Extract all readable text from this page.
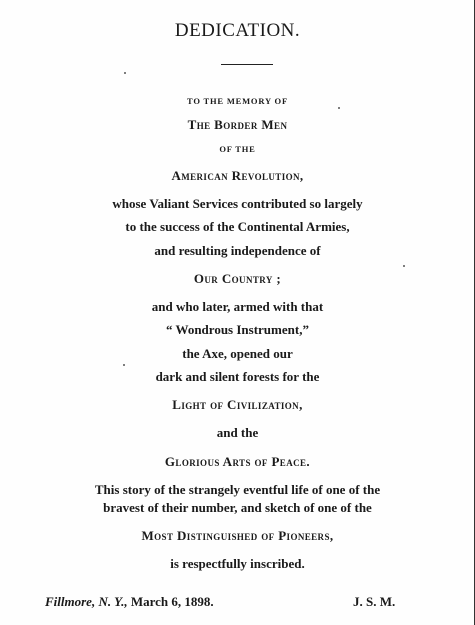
DEDICATION.
TO THE MEMORY OF
The Border Men
OF THE
American Revolution,
whose Valiant Services contributed so largely
to the success of the Continental Armies,
and resulting independence of
Our Country ;
and who later, armed with that
“ Wondrous Instrument,”
the Axe, opened our
dark and silent forests for the
Light of Civilization,
and the
Glorious Arts of Peace.
This story of the strangely eventful life of one of the
bravest of their number, and sketch of one of the
Most Distinguished of Pioneers,
is respectfully inscribed.
Fillmore, N. Y., March 6, 1898.	J. S. M.
